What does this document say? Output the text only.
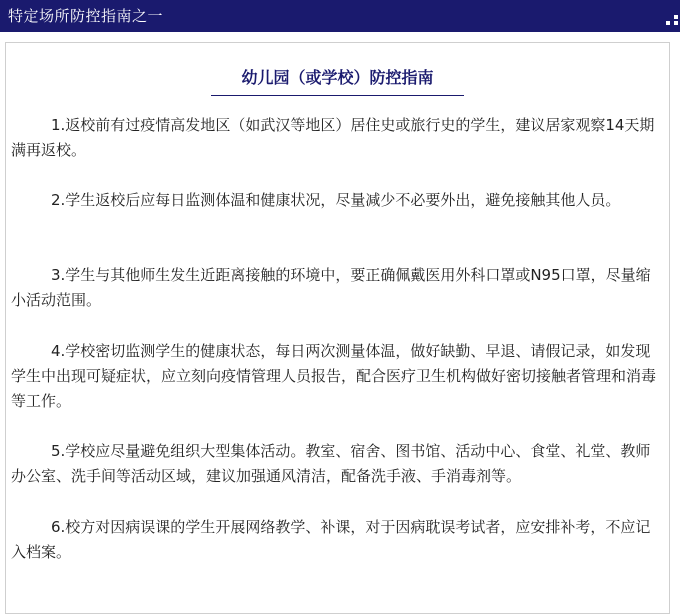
特定场所防控指南之一
幼儿园（或学校）防控指南

1.返校前有过疫情高发地区（如武汉等地区）居住史或旅行史的学生，建议居家观察14天期满再返校。

2.学生返校后应每日监测体温和健康状况，尽量减少不必要外出，避免接触其他人员。

3.学生与其他师生发生近距离接触的环境中，要正确佩戴医用外科口罩或N95口罩，尽量缩小活动范围。

4.学校密切监测学生的健康状态，每日两次测量体温，做好缺勤、早退、请假记录，如发现学生中出现可疑症状，应立刻向疫情管理人员报告，配合医疗卫生机构做好密切接触者管理和消毒等工作。

5.学校应尽量避免组织大型集体活动。教室、宿舍、图书馆、活动中心、食堂、礼堂、教师办公室、洗手间等活动区域，建议加强通风清洁，配备洗手液、手消毒剂等。

6.校方对因病误课的学生开展网络教学、补课，对于因病耽误考试者，应安排补考，不应记入档案。
